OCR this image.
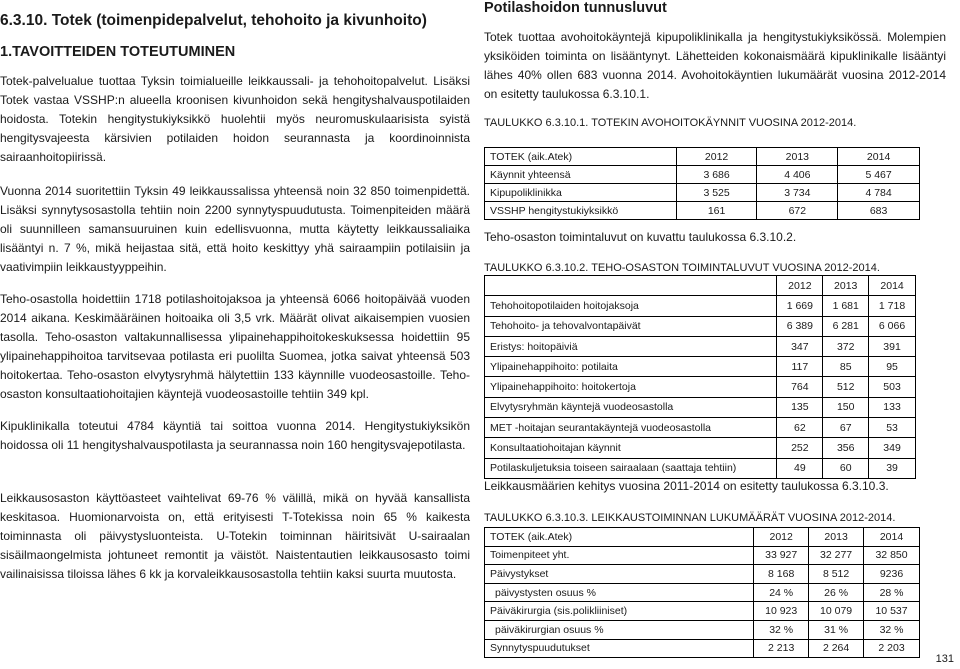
6.3.10. Totek (toimenpidepalvelut, tehohoito ja kivunhoito)
1.TAVOITTEIDEN TOTEUTUMINEN

Totek-palvelualue tuottaa Tyksin toimialueille leikkaussali- ja tehohoitopalvelut. Lisäksi Totek vastaa VSSHP:n alueella kroonisen kivunhoidon sekä hengityshalvauspotilaiden hoidosta. Totekin hengitystukiyksikkö huolehtii myös neuromuskulaarisista syistä hengitysvajeesta kärsivien potilaiden hoidon seurannasta ja koordinoinnista sairaanhoitopiirissä.

Vuonna 2014 suoritettiin Tyksin 49 leikkaussalissa yhteensä noin 32 850 toimenpidettä. Lisäksi synnytysosastolla tehtiin noin 2200 synnytyspuudutusta. Toimenpiteiden määrä oli suunnilleen samansuuruinen kuin edellisvuonna, mutta käytetty leikkaussaliaika lisääntyi n. 7 %, mikä heijastaa sitä, että hoito keskittyy yhä sairaampiin potilaisiin ja vaativimpiin leikkaustyyppeihin.

Teho-osastolla hoidettiin 1718 potilashoitojaksoa ja yhteensä 6066 hoitopäivää vuoden 2014 aikana. Keskimääräinen hoitoaika oli 3,5 vrk. Määrät olivat aikaisempien vuosien tasolla. Teho-osaston valtakunnallisessa ylipainehappihoitokeskuksessa hoidettiin 95 ylipainehappihoitoa tarvitsevaa potilasta eri puolilta Suomea, jotka saivat yhteensä 503 hoitokertaa. Teho-osaston elvytysryhmä hälytettiin 133 käynnille vuodeosastoille. Teho-osaston konsultaatiohoitajien käyntejä vuodeosastoille tehtiin 349 kpl.

Kipuklinikalla toteutui 4784 käyntiä tai soittoa vuonna 2014. Hengitystukiyksikön hoidossa oli 11 hengityshalvauspotilasta ja seurannassa noin 160 hengitysvajepotilasta.

Leikkausosaston käyttöasteet vaihtelivat 69-76 % välillä, mikä on hyvää kansallista keskitasoa. Huomionarvoista on, että erityisesti T-Totekissa noin 65 % kaikesta toiminnasta oli päivystysluonteista. U-Totekin toiminnan häiritsivät U-sairaalan sisäilmaongelmista johtuneet remontit ja väistöt. Naistentautien leikkausosasto toimi vailinaisissa tiloissa lähes 6 kk ja korvaleikkausosastolla tehtiin kaksi suurta muutosta.

Potilashoidon tunnusluvut

Totek tuottaa avohoitokäyntejä kipupoliklinikalla ja hengitystukiyksikössä. Molempien yksiköiden toiminta on lisääntynyt. Lähetteiden kokonaismäärä kipuklinikalle lisääntyi lähes 40% ollen 683 vuonna 2014. Avohoitokäyntien lukumäärät vuosina 2012-2014 on esitetty taulukossa 6.3.10.1.

TAULUKKO 6.3.10.1. TOTEKIN AVOHOITOKÄYNNIT VUOSINA 2012-2014.
TOTEK (aik.Atek)	2012	2013	2014
Käynnit yhteensä	3 686	4 406	5 467
Kipupoliklinikka	3 525	3 734	4 784
VSSHP hengitystukiyksikkö	161	672	683

Teho-osaston toimintaluvut on kuvattu taulukossa 6.3.10.2.

TAULUKKO 6.3.10.2. TEHO-OSASTON TOIMINTALUVUT VUOSINA 2012-2014.
	2012	2013	2014
Tehohoitopotilaiden hoitojaksoja	1 669	1 681	1 718
Tehohoito- ja tehovalvontapäivät	6 389	6 281	6 066
Eristys: hoitopäiviä	347	372	391
Ylipainehappihoito: potilaita	117	85	95
Ylipainehappihoito: hoitokertoja	764	512	503
Elvytysryhmän käyntejä vuodeosastolla	135	150	133
MET -hoitajan seurantakäyntejä vuodeosastolla	62	67	53
Konsultaatiohoitajan käynnit	252	356	349
Potilaskuljetuksia toiseen sairaalaan (saattaja tehtiin)	49	60	39

Leikkausmäärien kehitys vuosina 2011-2014 on esitetty taulukossa 6.3.10.3.

TAULUKKO 6.3.10.3. LEIKKAUSTOIMINNAN LUKUMÄÄRÄT VUOSINA 2012-2014.
TOTEK (aik.Atek)	2012	2013	2014
Toimenpiteet yht.	33 927	32 277	32 850
Päivystykset	8 168	8 512	9236
päivystysten osuus %	24 %	26 %	28 %
Päiväkirurgia (sis.polikliiniset)	10 923	10 079	10 537
päiväkirurgian osuus %	32 %	31 %	32 %
Synnytyspuudutukset	2 213	2 264	2 203
131
